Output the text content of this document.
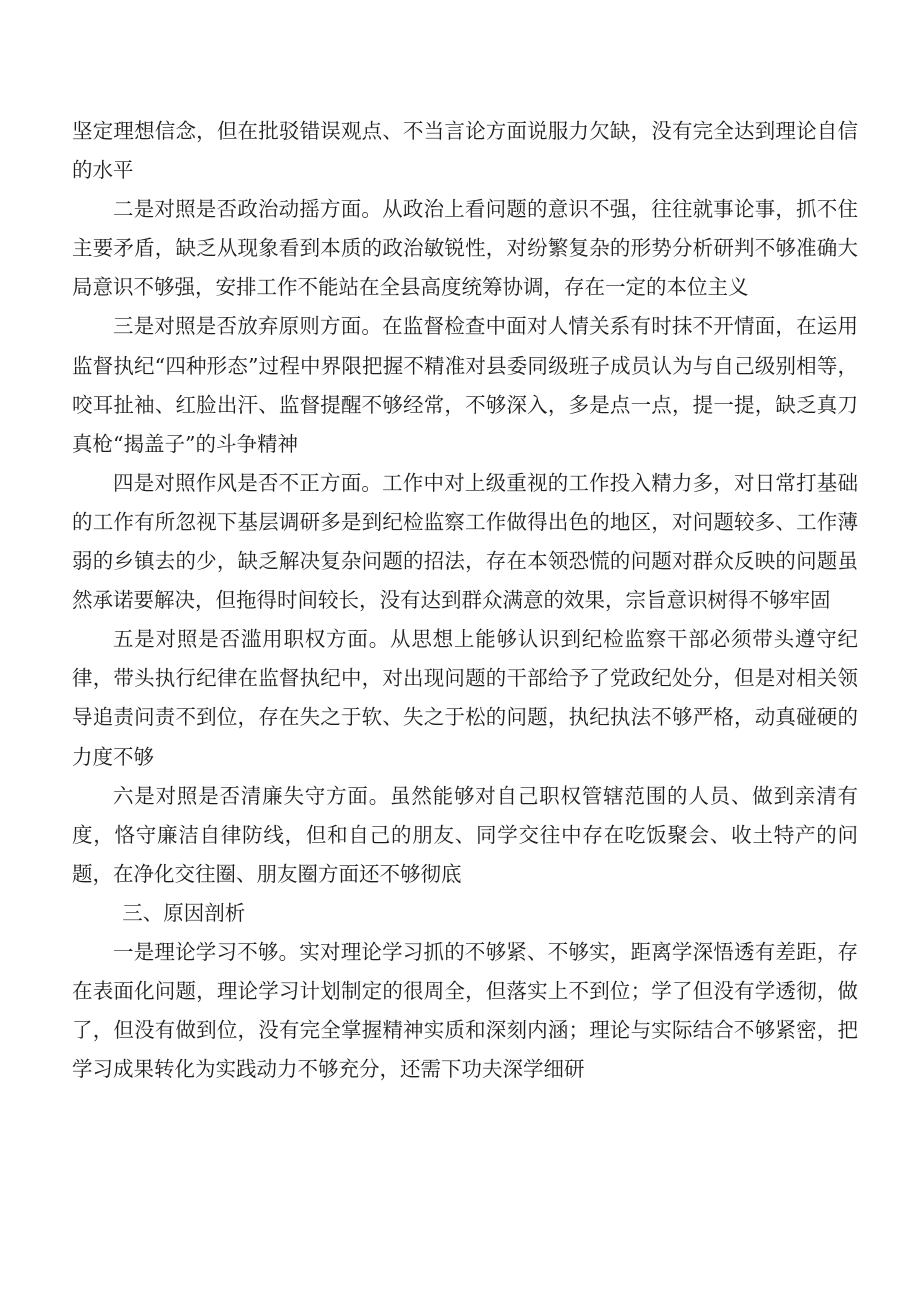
坚定理想信念，但在批驳错误观点、不当言论方面说服力欠缺，没有完全达到理论自信的水平

二是对照是否政治动摇方面。从政治上看问题的意识不强，往往就事论事，抓不住主要矛盾，缺乏从现象看到本质的政治敏锐性，对纷繁复杂的形势分析研判不够准确大局意识不够强，安排工作不能站在全县高度统筹协调，存在一定的本位主义

三是对照是否放弃原则方面。在监督检查中面对人情关系有时抹不开情面，在运用监督执纪“四种形态”过程中界限把握不精准对县委同级班子成员认为与自己级别相等，咬耳扯袖、红脸出汗、监督提醒不够经常，不够深入，多是点一点，提一提，缺乏真刀真枪“揭盖子”的斗争精神

四是对照作风是否不正方面。工作中对上级重视的工作投入精力多，对日常打基础的工作有所忽视下基层调研多是到纪检监察工作做得出色的地区，对问题较多、工作薄弱的乡镇去的少，缺乏解决复杂问题的招法，存在本领恐慌的问题对群众反映的问题虽然承诺要解决，但拖得时间较长，没有达到群众满意的效果，宗旨意识树得不够牢固

五是对照是否滥用职权方面。从思想上能够认识到纪检监察干部必须带头遵守纪律，带头执行纪律在监督执纪中，对出现问题的干部给予了党政纪处分，但是对相关领导追责问责不到位，存在失之于软、失之于松的问题，执纪执法不够严格，动真碰硬的力度不够

六是对照是否清廉失守方面。虽然能够对自己职权管辖范围的人员、做到亲清有度，恪守廉洁自律防线，但和自己的朋友、同学交往中存在吃饭聚会、收土特产的问题，在净化交往圈、朋友圈方面还不够彻底

三、原因剖析

一是理论学习不够。实对理论学习抓的不够紧、不够实，距离学深悟透有差距，存在表面化问题，理论学习计划制定的很周全，但落实上不到位；学了但没有学透彻，做了，但没有做到位，没有完全掌握精神实质和深刻内涵；理论与实际结合不够紧密，把学习成果转化为实践动力不够充分，还需下功夫深学细研
